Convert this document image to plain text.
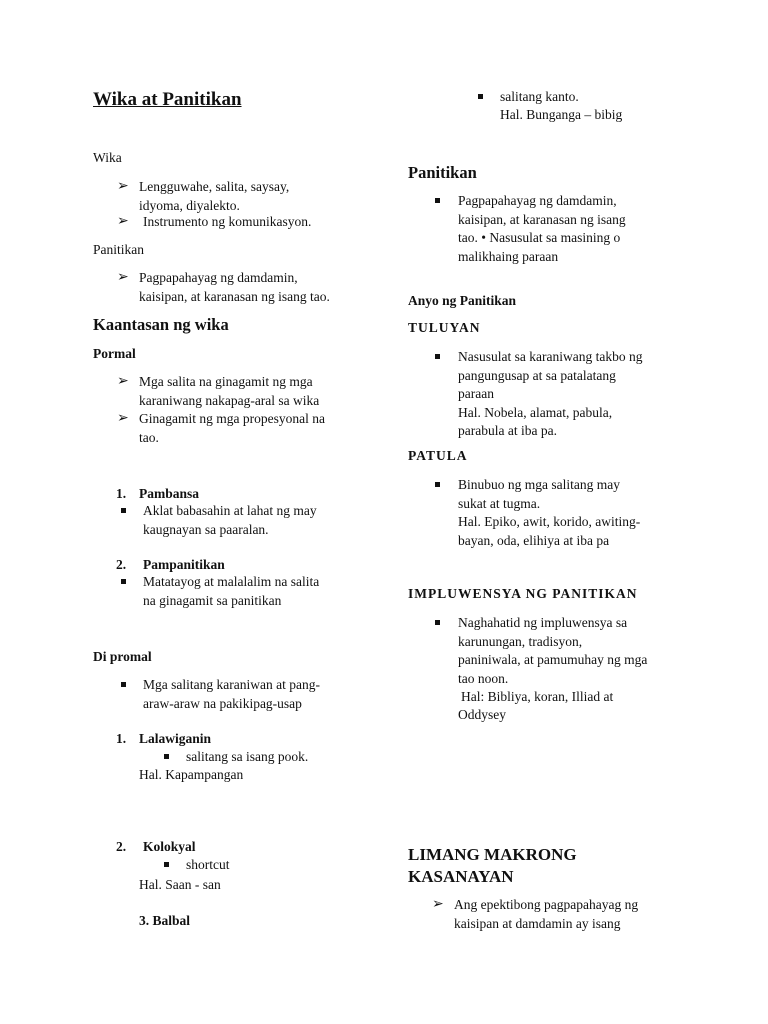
Wika at Panitikan
Wika
➢ Lengguwahe, salita, saysay,
idyoma, diyalekto.
➢ Instrumento ng komunikasyon.
Panitikan
➢ Pagpapahayag ng damdamin,
kaisipan, at karanasan ng isang tao.
Kaantasan ng wika
Pormal
➢ Mga salita na ginagamit ng mga
karaniwang nakapag-aral sa wika
➢ Ginagamit ng mga propesyonal na
tao.
1. Pambansa
Aklat babasahin at lahat ng may
kaugnayan sa paaralan.
2. Pampanitikan
Matatayog at malalalim na salita
na ginagamit sa panitikan
Di promal
Mga salitang karaniwan at pang-
araw-araw na pakikipag-usap
1. Lalawiganin
salitang sa isang pook.
Hal. Kapampangan
2. Kolokyal
shortcut
Hal. Saan - san
3. Balbal
salitang kanto.
Hal. Bunganga – bibig
Panitikan
Pagpapahayag ng damdamin,
kaisipan, at karanasan ng isang
tao. • Nasusulat sa masining o
malikhaing paraan
Anyo ng Panitikan
TULUYAN
Nasusulat sa karaniwang takbo ng
pangungusap at sa patalatang
paraan
Hal. Nobela, alamat, pabula,
parabula at iba pa.
PATULA
Binubuo ng mga salitang may
sukat at tugma.
Hal. Epiko, awit, korido, awiting-
bayan, oda, elihiya at iba pa
IMPLUWENSYA NG PANITIKAN
Naghahatid ng impluwensya sa
karunungan, tradisyon,
paniniwala, at pamumuhay ng mga
tao noon.
Hal: Bibliya, koran, Illiad at
Oddysey
LIMANG MAKRONG
KASANAYAN
➢ Ang epektibong pagpapahayag ng
kaisipan at damdamin ay isang
